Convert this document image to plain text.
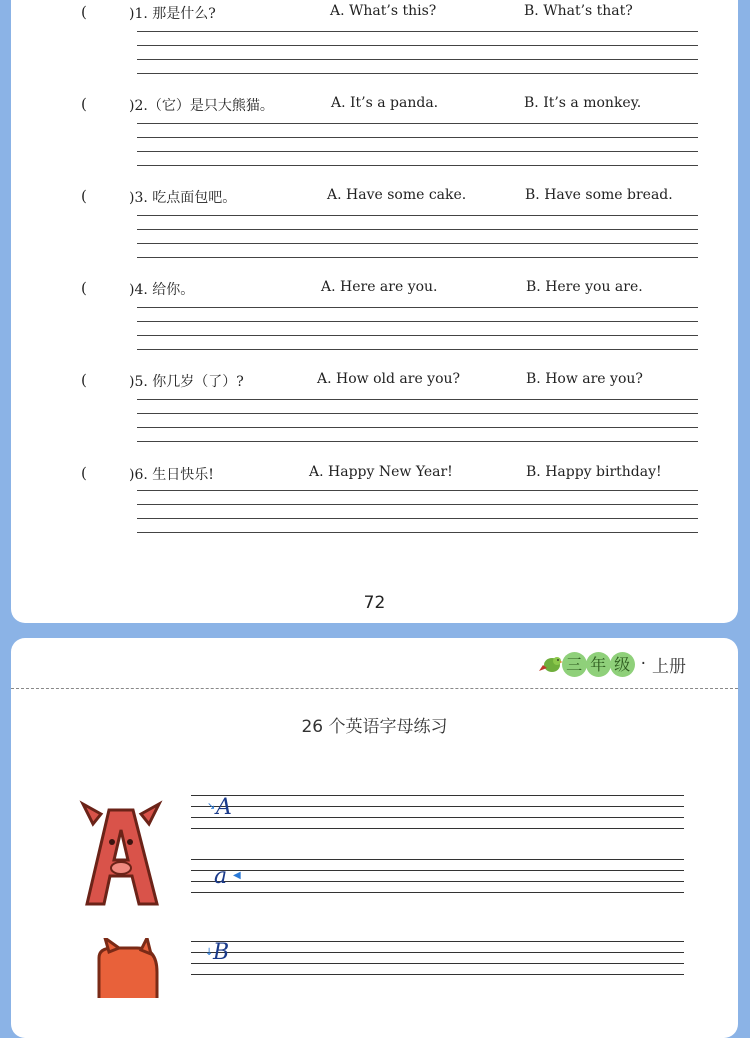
(	)1. 那是什么?	A. What’s this?	B. What’s that?
(	)2.（它）是只大熊猫。	A. It’s a panda.	B. It’s a monkey.
(	)3. 吃点面包吧。	A. Have some cake.	B. Have some bread.
(	)4. 给你。	A. Here are you.	B. Here you are.
(	)5. 你几岁（了）?	A. How old are you?	B. How are you?
(	)6. 生日快乐!	A. Happy New Year!	B. Happy birthday!
72
三 年 级 · 上册
26 个英语字母练习
A
↘
a ◀
B
↓
